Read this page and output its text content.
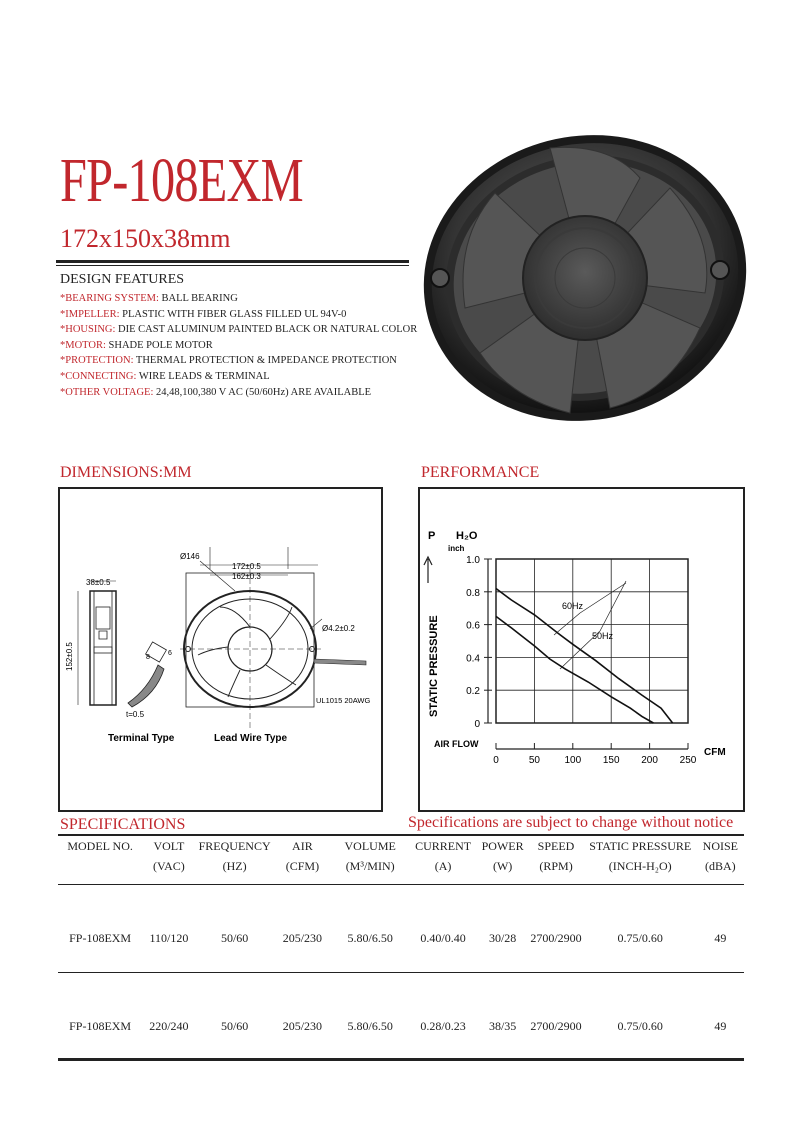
FP-108EXM
172x150x38mm
DESIGN FEATURES
*BEARING SYSTEM: BALL BEARING
*IMPELLER: PLASTIC WITH FIBER GLASS FILLED UL 94V-0
*HOUSING: DIE CAST ALUMINUM PAINTED BLACK OR NATURAL COLOR
*MOTOR: SHADE POLE MOTOR
*PROTECTION: THERMAL PROTECTION & IMPEDANCE PROTECTION
*CONNECTING: WIRE LEADS & TERMINAL
*OTHER VOLTAGE: 24,48,100,380 V AC (50/60Hz) ARE AVAILABLE
DIMENSIONS:MM	PERFORMANCE
38±0.5
152±0.5
Ø146
172±0.5
162±0.3
Ø4.2±0.2
UL1015 20AWG
t=0.5
8
6
Terminal Type	Lead Wire Type
0	50 100 150 200 250
0
0.2
0.4
0.6
0.8
1.0
P H₂O
inch
STATIC PRESSURE
AIR FLOW
CFM
60Hz
50Hz
SPECIFICATIONS	Specifications are subject to change without notice
MODEL NO.	VOLT	FREQUENCY	AIR	VOLUME	CURRENT	POWER	SPEED	STATIC PRESSURE	NOISE
	(VAC)	(HZ)	(CFM)	(M³/MIN)	(A)	(W)	(RPM)	(INCH-H₂O)	(dBA)

FP-108EXM	110/120	50/60	205/230	5.80/6.50	0.40/0.40	30/28	2700/2900	0.75/0.60	49

FP-108EXM	220/240	50/60	205/230	5.80/6.50	0.28/0.23	38/35	2700/2900	0.75/0.60	49
